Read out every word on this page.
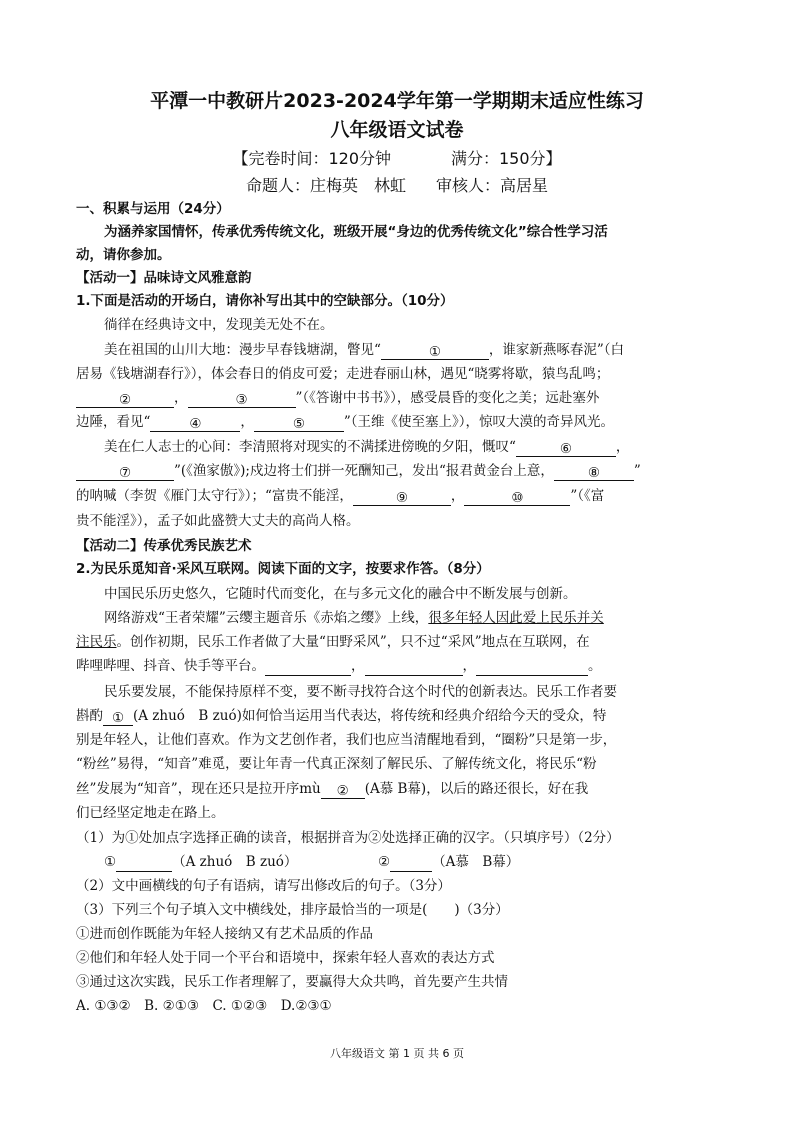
平潭一中教研片2023-2024学年第一学期期末适应性练习
八年级语文试卷
【完卷时间：120分钟	满分：150分】
命题人：庄梅英　林虹 审核人：高居星
一、积累与运用（24分）
为涵养家国情怀，传承优秀传统文化，班级开展“身边的优秀传统文化”综合性学习活
动，请你参加。
【活动一】品味诗文风雅意韵
1.下面是活动的开场白，请你补写出其中的空缺部分。（10分）
徜徉在经典诗文中，发现美无处不在。
美在祖国的山川大地：漫步早春钱塘湖，瞥见“	①	，谁家新燕啄春泥”（白
居易《钱塘湖春行》），体会春日的俏皮可爱；走进春丽山林，遇见“晓雾将歇，猿鸟乱鸣；
②	，	③	”（《答谢中书书》），感受晨昏的变化之美；远赴塞外
边陲，看见“	④	，	⑤	”（王维《使至塞上》），惊叹大漠的奇异风光。
美在仁人志士的心间：李清照将对现实的不满揉进傍晚的夕阳，慨叹“	⑥	，
⑦	”(《渔家傲》);戍边将士们拼一死酬知己，发出“报君黄金台上意，	⑧	”
的呐喊（李贺《雁门太守行》）；“富贵不能淫，	⑨	，	⑩	”（《富
贵不能淫》），孟子如此盛赞大丈夫的高尚人格。
【活动二】传承优秀民族艺术
2.为民乐觅知音·采风互联网。阅读下面的文字，按要求作答。（8分）
中国民乐历史悠久，它随时代而变化，在与多元文化的融合中不断发展与创新。
网络游戏“王者荣耀”云缨主题音乐《赤焰之缨》上线，很多年轻人因此爱上民乐并关
注民乐。创作初期，民乐工作者做了大量“田野采风”，只不过“采风”地点在互联网，在
哔哩哔哩、抖音、快手等平台。	，	，	。
民乐要发展，不能保持原样不变，要不断寻找符合这个时代的创新表达。民乐工作者要
斟酌 ① (A zhuó　B zuó)如何恰当运用当代表达，将传统和经典介绍给今天的受众，特
别是年轻人，让他们喜欢。作为文艺创作者，我们也应当清醒地看到，“圈粉”只是第一步，
“粉丝”易得，“知音”难觅，要让年青一代真正深刻了解民乐、了解传统文化，将民乐“粉
丝”发展为“知音”，现在还只是拉开序mù ② (A慕 B幕)，以后的路还很长，好在我
们已经坚定地走在路上。
（1）为①处加点字选择正确的读音，根据拼音为②处选择正确的汉字。（只填序号）（2分）
①	（A zhuó　B zuó）	②	（A慕　B幕）
（2）文中画横线的句子有语病，请写出修改后的句子。（3分）
（3）下列三个句子填入文中横线处，排序最恰当的一项是(　　)（3分）
①进而创作既能为年轻人接纳又有艺术品质的作品
②他们和年轻人处于同一个平台和语境中，探索年轻人喜欢的表达方式
③通过这次实践，民乐工作者理解了，要赢得大众共鸣，首先要产生共情
A. ①③②　B. ②①③　C. ①②③　D.②③①
八年级语文 第 1 页 共 6 页
